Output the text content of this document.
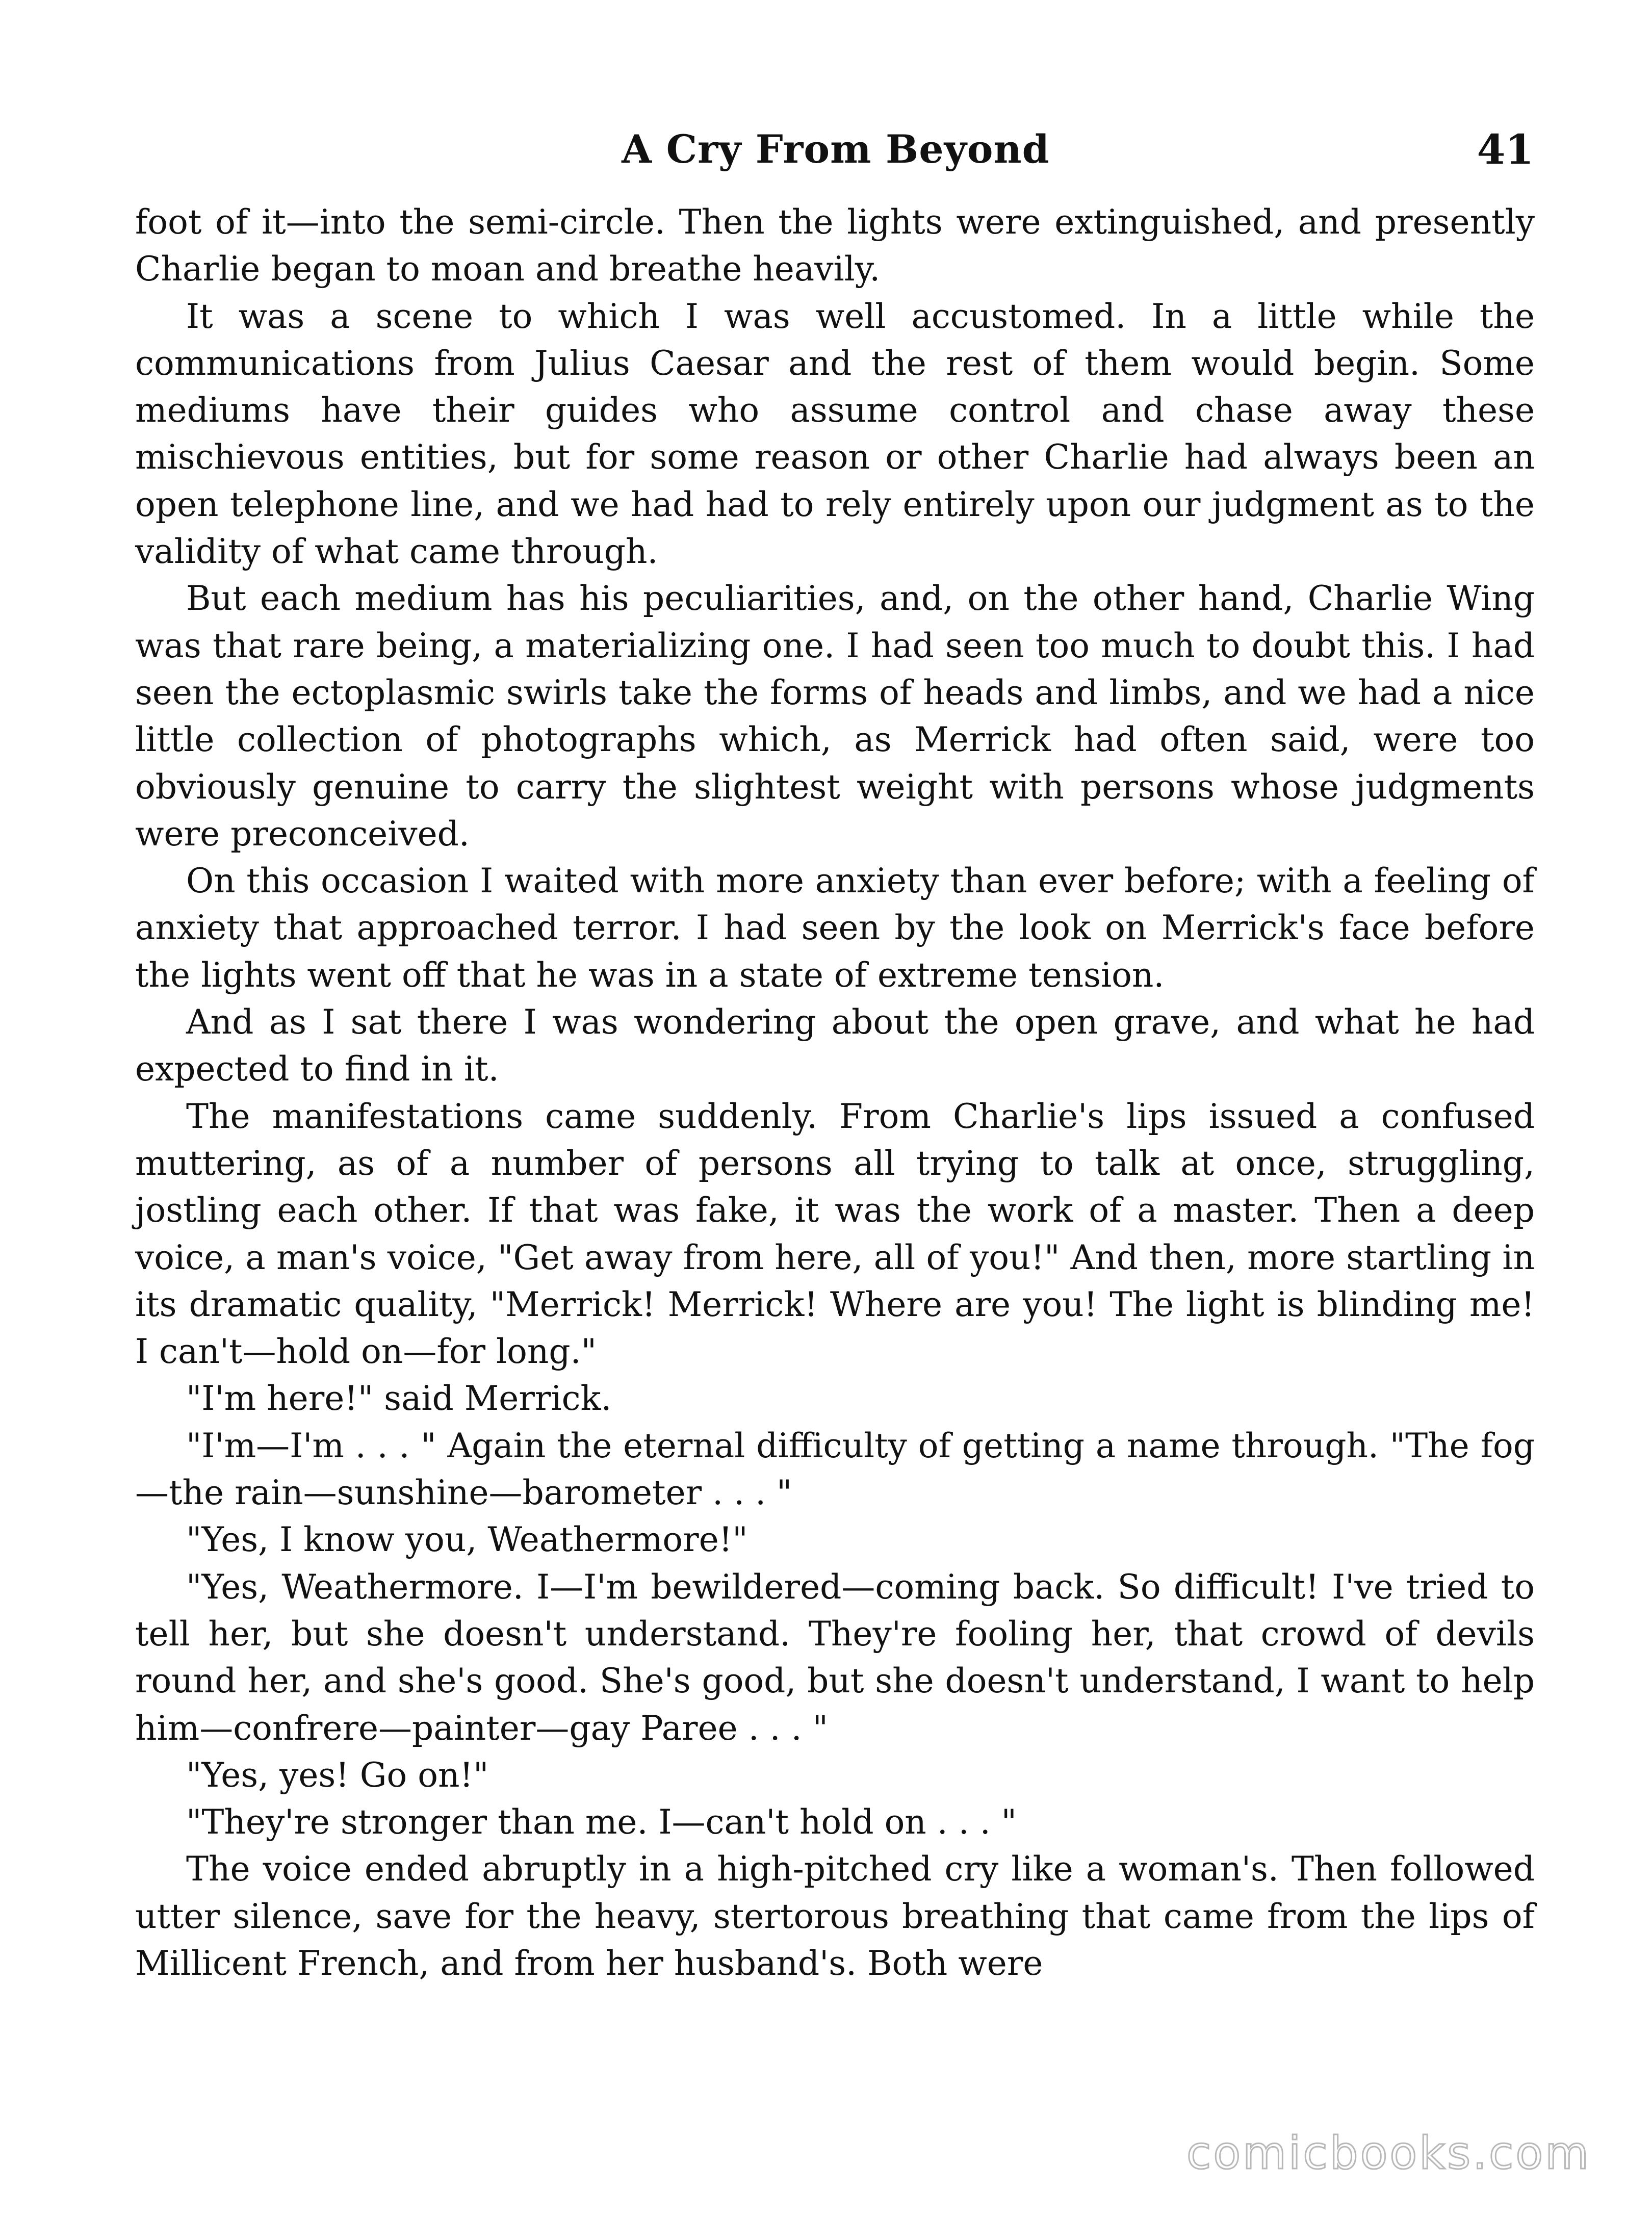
A Cry From Beyond	41

foot of it—into the semi-circle. Then the lights were extinguished, and presently Charlie began to moan and breathe heavily.

It was a scene to which I was well accustomed. In a little while the communications from Julius Caesar and the rest of them would begin. Some mediums have their guides who assume control and chase away these mischievous entities, but for some reason or other Charlie had always been an open telephone line, and we had had to rely entirely upon our judgment as to the validity of what came through.

But each medium has his peculiarities, and, on the other hand, Charlie Wing was that rare being, a materializing one. I had seen too much to doubt this. I had seen the ectoplasmic swirls take the forms of heads and limbs, and we had a nice little collection of photographs which, as Merrick had often said, were too obviously genuine to carry the slightest weight with persons whose judgments were preconceived.

On this occasion I waited with more anxiety than ever before; with a feeling of anxiety that approached terror. I had seen by the look on Merrick's face before the lights went off that he was in a state of extreme tension.

And as I sat there I was wondering about the open grave, and what he had expected to find in it.

The manifestations came suddenly. From Charlie's lips issued a confused muttering, as of a number of persons all trying to talk at once, struggling, jostling each other. If that was fake, it was the work of a master. Then a deep voice, a man's voice, "Get away from here, all of you!" And then, more startling in its dramatic quality, "Merrick! Merrick! Where are you! The light is blinding me! I can't—hold on—for long."

"I'm here!" said Merrick.

"I'm—I'm . . . " Again the eternal difficulty of getting a name through. "The fog—the rain—sunshine—barometer . . . "

"Yes, I know you, Weathermore!"

"Yes, Weathermore. I—I'm bewildered—coming back. So difficult! I've tried to tell her, but she doesn't understand. They're fooling her, that crowd of devils round her, and she's good. She's good, but she doesn't understand, I want to help him—confrere—painter—gay Paree . . . "

"Yes, yes! Go on!"

"They're stronger than me. I—can't hold on . . . "

The voice ended abruptly in a high-pitched cry like a woman's. Then followed utter silence, save for the heavy, stertorous breathing that came from the lips of Millicent French, and from her husband's. Both were

comicbooks.com
